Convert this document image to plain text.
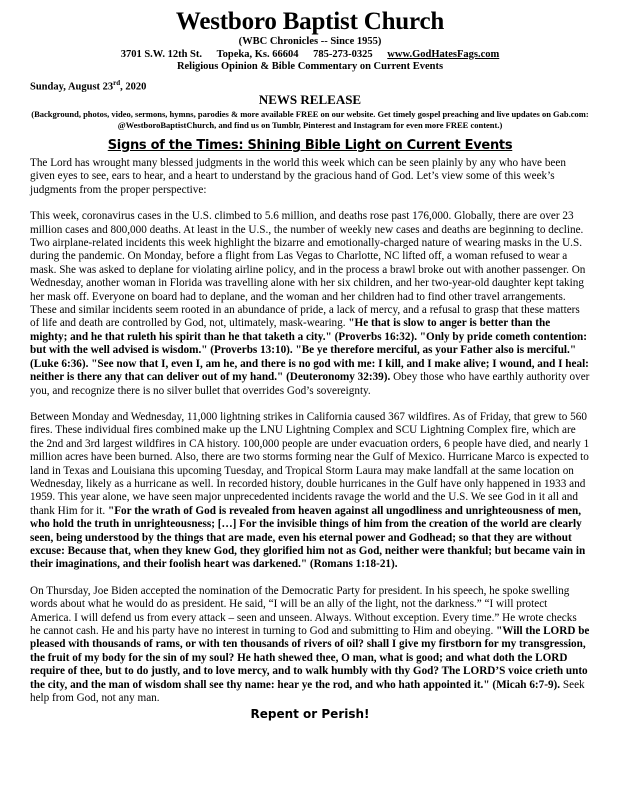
Westboro Baptist Church
(WBC Chronicles -- Since 1955)
3701 S.W. 12th St. Topeka, Ks. 66604 785-273-0325 www.GodHatesFags.com
Religious Opinion & Bible Commentary on Current Events
Sunday, August 23rd, 2020
NEWS RELEASE
(Background, photos, video, sermons, hymns, parodies & more available FREE on our website. Get timely gospel preaching and live updates on Gab.com: @WestboroBaptistChurch, and find us on Tumblr, Pinterest and Instagram for even more FREE content.)
Signs of the Times: Shining Bible Light on Current Events

The Lord has wrought many blessed judgments in the world this week which can be seen plainly by any who have been given eyes to see, ears to hear, and a heart to understand by the gracious hand of God. Let’s view some of this week’s judgments from the proper perspective:

This week, coronavirus cases in the U.S. climbed to 5.6 million, and deaths rose past 176,000. Globally, there are over 23 million cases and 800,000 deaths. At least in the U.S., the number of weekly new cases and deaths are beginning to decline. Two airplane-related incidents this week highlight the bizarre and emotionally-charged nature of wearing masks in the U.S. during the pandemic. On Monday, before a flight from Las Vegas to Charlotte, NC lifted off, a woman refused to wear a mask. She was asked to deplane for violating airline policy, and in the process a brawl broke out with another passenger. On Wednesday, another woman in Florida was travelling alone with her six children, and her two-year-old daughter kept taking her mask off. Everyone on board had to deplane, and the woman and her children had to find other travel arrangements. These and similar incidents seem rooted in an abundance of pride, a lack of mercy, and a refusal to grasp that these matters of life and death are controlled by God, not, ultimately, mask-wearing. "He that is slow to anger is better than the mighty; and he that ruleth his spirit than he that taketh a city." (Proverbs 16:32). "Only by pride cometh contention: but with the well advised is wisdom." (Proverbs 13:10). "Be ye therefore merciful, as your Father also is merciful." (Luke 6:36). "See now that I, even I, am he, and there is no god with me: I kill, and I make alive; I wound, and I heal: neither is there any that can deliver out of my hand." (Deuteronomy 32:39). Obey those who have earthly authority over you, and recognize there is no silver bullet that overrides God’s sovereignty.

Between Monday and Wednesday, 11,000 lightning strikes in California caused 367 wildfires. As of Friday, that grew to 560 fires. These individual fires combined make up the LNU Lightning Complex and SCU Lightning Complex fire, which are the 2nd and 3rd largest wildfires in CA history. 100,000 people are under evacuation orders, 6 people have died, and nearly 1 million acres have been burned. Also, there are two storms forming near the Gulf of Mexico. Hurricane Marco is expected to land in Texas and Louisiana this upcoming Tuesday, and Tropical Storm Laura may make landfall at the same location on Wednesday, likely as a hurricane as well. In recorded history, double hurricanes in the Gulf have only happened in 1933 and 1959. This year alone, we have seen major unprecedented incidents ravage the world and the U.S. We see God in it all and thank Him for it. "For the wrath of God is revealed from heaven against all ungodliness and unrighteousness of men, who hold the truth in unrighteousness; […] For the invisible things of him from the creation of the world are clearly seen, being understood by the things that are made, even his eternal power and Godhead; so that they are without excuse: Because that, when they knew God, they glorified him not as God, neither were thankful; but became vain in their imaginations, and their foolish heart was darkened." (Romans 1:18-21).

On Thursday, Joe Biden accepted the nomination of the Democratic Party for president. In his speech, he spoke swelling words about what he would do as president. He said, “I will be an ally of the light, not the darkness.” “I will protect America. I will defend us from every attack – seen and unseen. Always. Without exception. Every time.” He wrote checks he cannot cash. He and his party have no interest in turning to God and submitting to Him and obeying. "Will the LORD be pleased with thousands of rams, or with ten thousands of rivers of oil? shall I give my firstborn for my transgression, the fruit of my body for the sin of my soul? He hath shewed thee, O man, what is good; and what doth the LORD require of thee, but to do justly, and to love mercy, and to walk humbly with thy God? The LORD’S voice crieth unto the city, and the man of wisdom shall see thy name: hear ye the rod, and who hath appointed it." (Micah 6:7-9). Seek help from God, not any man.

Repent or Perish!
